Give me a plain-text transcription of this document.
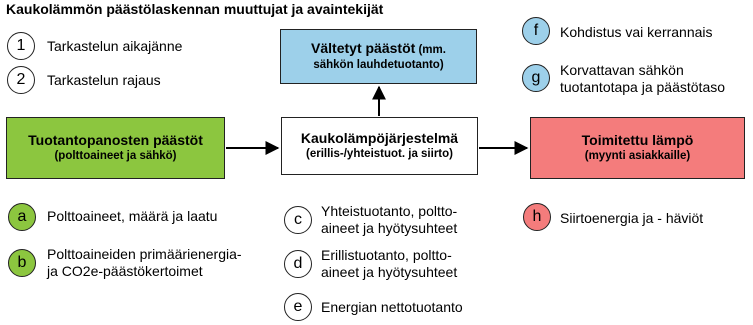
Kaukolämmön päästölaskennan muuttujat ja avaintekijät
1	Tarkastelun aikajänne
2	Tarkastelun rajaus
Tuotantopanosten päästöt
(polttoaineet ja sähkö)
Kaukolämpöjärjestelmä
(erillis-/yhteistuot. ja siirto)
Vältetyt päästöt (mm.
sähkön lauhdetuotanto)
Toimitettu lämpö
(myynti asiakkaille)
a	Polttoaineet, määrä ja laatu
b	Polttoaineiden primäärienergia-
ja CO2e-päästökertoimet
c	Yhteistuotanto, poltto-
aineet ja hyötysuhteet
d	Erillistuotanto, poltto-
aineet ja hyötysuhteet
e	Energian nettotuotanto
f	Kohdistus vai kerrannais
g	Korvattavan sähkön
tuotantotapa ja päästötaso
h	Siirtoenergia ja - häviöt
